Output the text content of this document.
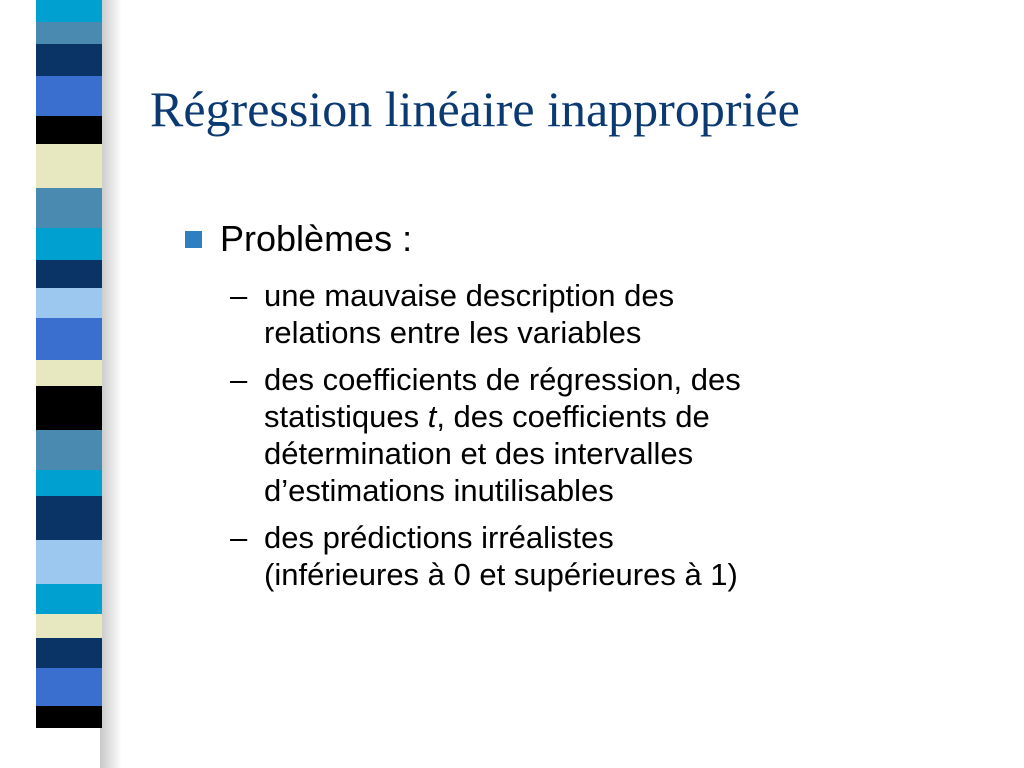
Régression linéaire inappropriée
Problèmes :
– une mauvaise description des
relations entre les variables
– des coefficients de régression, des
statistiques t, des coefficients de
détermination et des intervalles
d’estimations inutilisables
– des prédictions irréalistes
(inférieures à 0 et supérieures à 1)
